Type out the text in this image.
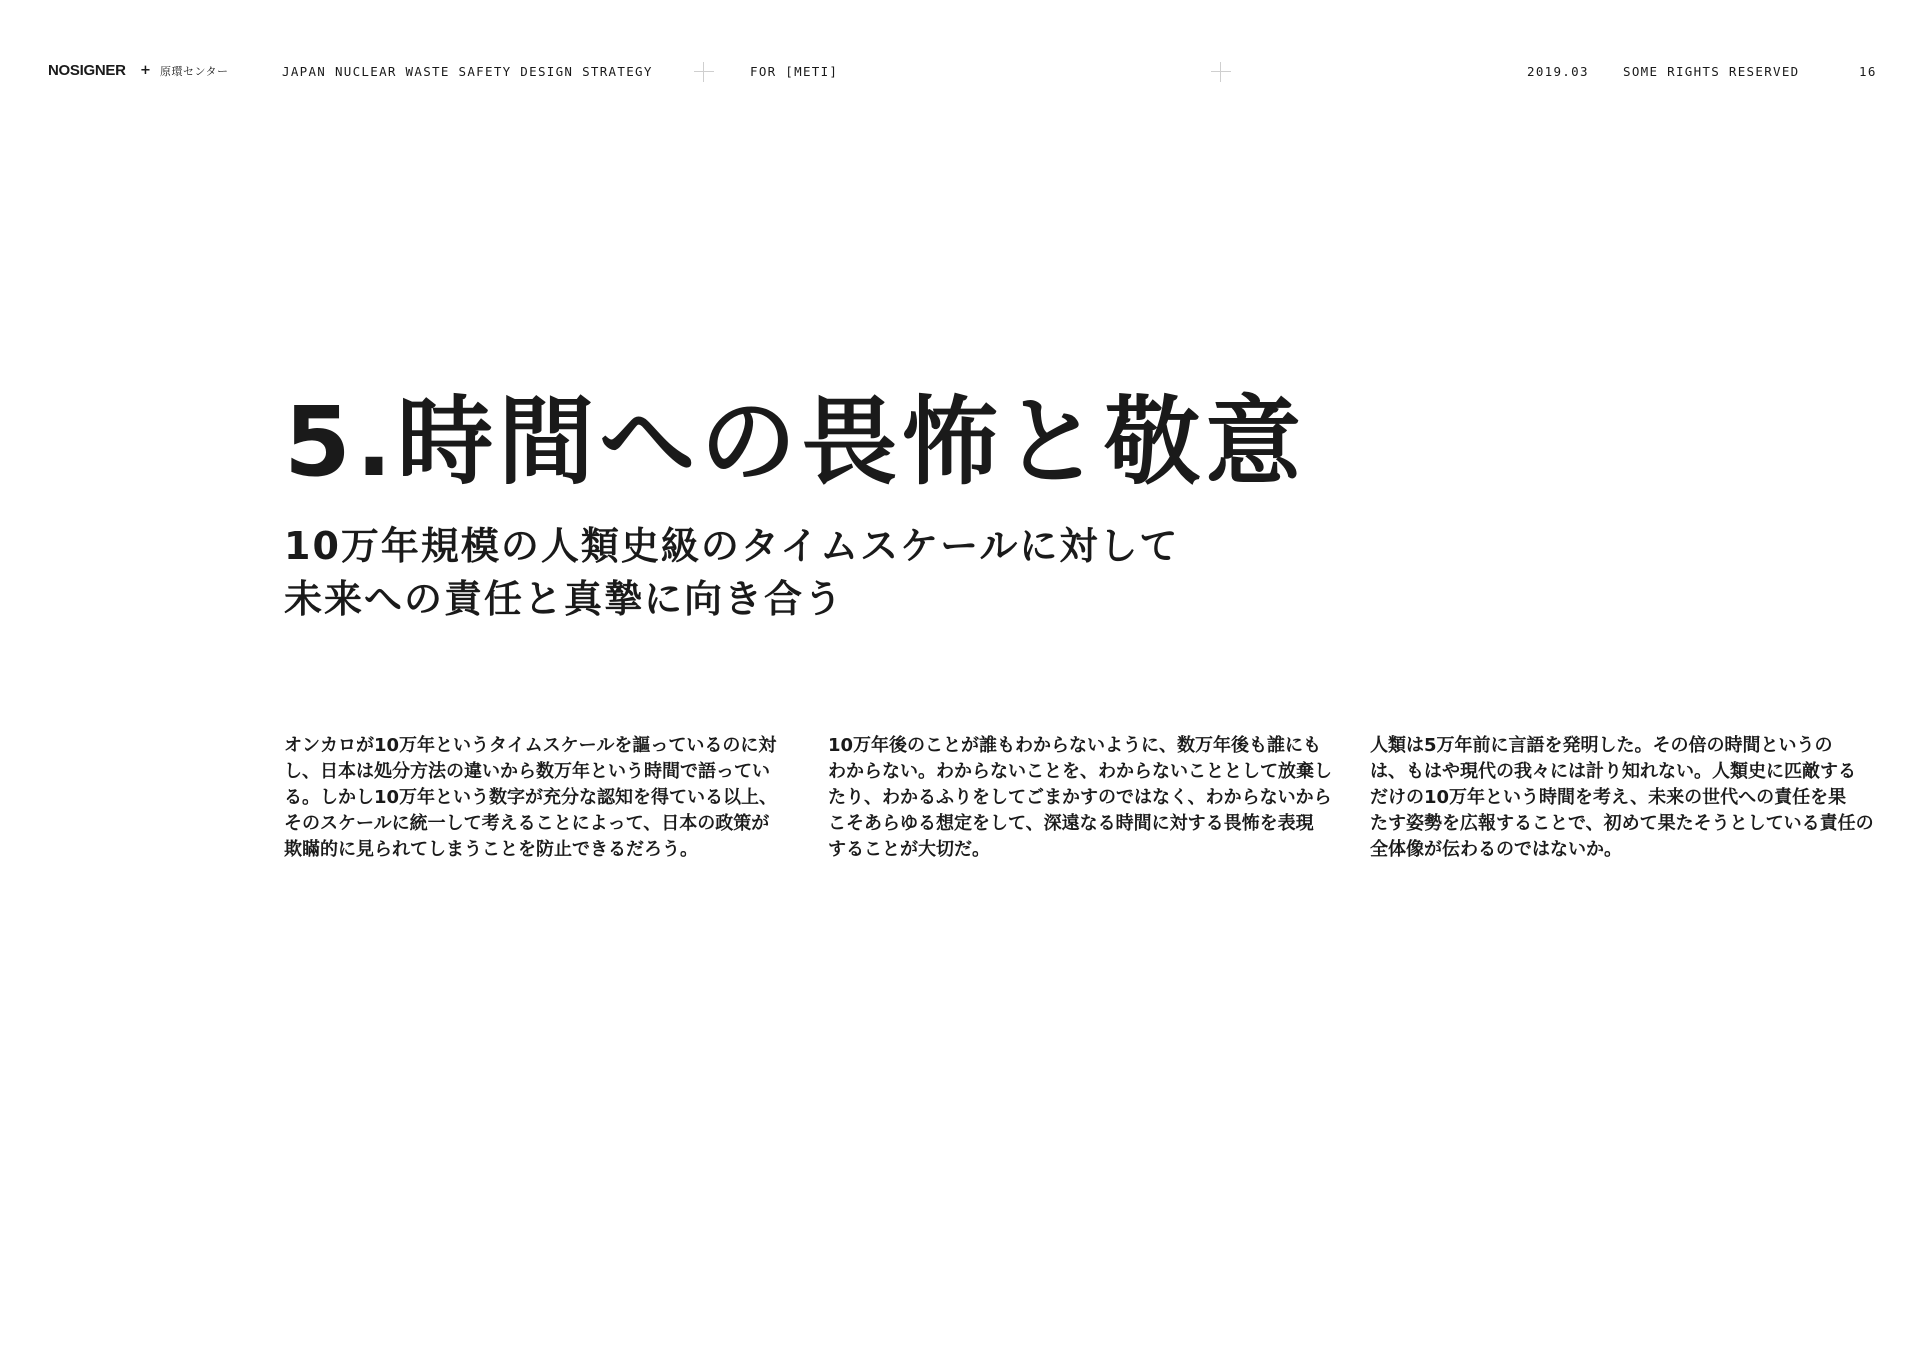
NOSIGNER + 原環センター	JAPAN NUCLEAR WASTE SAFETY DESIGN STRATEGY	FOR [METI]	2019.03	SOME RIGHTS RESERVED	16
5.時間への畏怖と敬意
10万年規模の人類史級のタイムスケールに対して
未来への責任と真摯に向き合う

オンカロが10万年というタイムスケールを謳っているのに対
し、日本は処分方法の違いから数万年という時間で語ってい
る。しかし10万年という数字が充分な認知を得ている以上、
そのスケールに統一して考えることによって、日本の政策が
欺瞞的に見られてしまうことを防止できるだろう。

10万年後のことが誰もわからないように、数万年後も誰にも
わからない。わからないことを、わからないこととして放棄し
たり、わかるふりをしてごまかすのではなく、わからないから
こそあらゆる想定をして、深遠なる時間に対する畏怖を表現
することが大切だ。

人類は5万年前に言語を発明した。その倍の時間というの
は、もはや現代の我々には計り知れない。人類史に匹敵する
だけの10万年という時間を考え、未来の世代への責任を果
たす姿勢を広報することで、初めて果たそうとしている責任の
全体像が伝わるのではないか。
